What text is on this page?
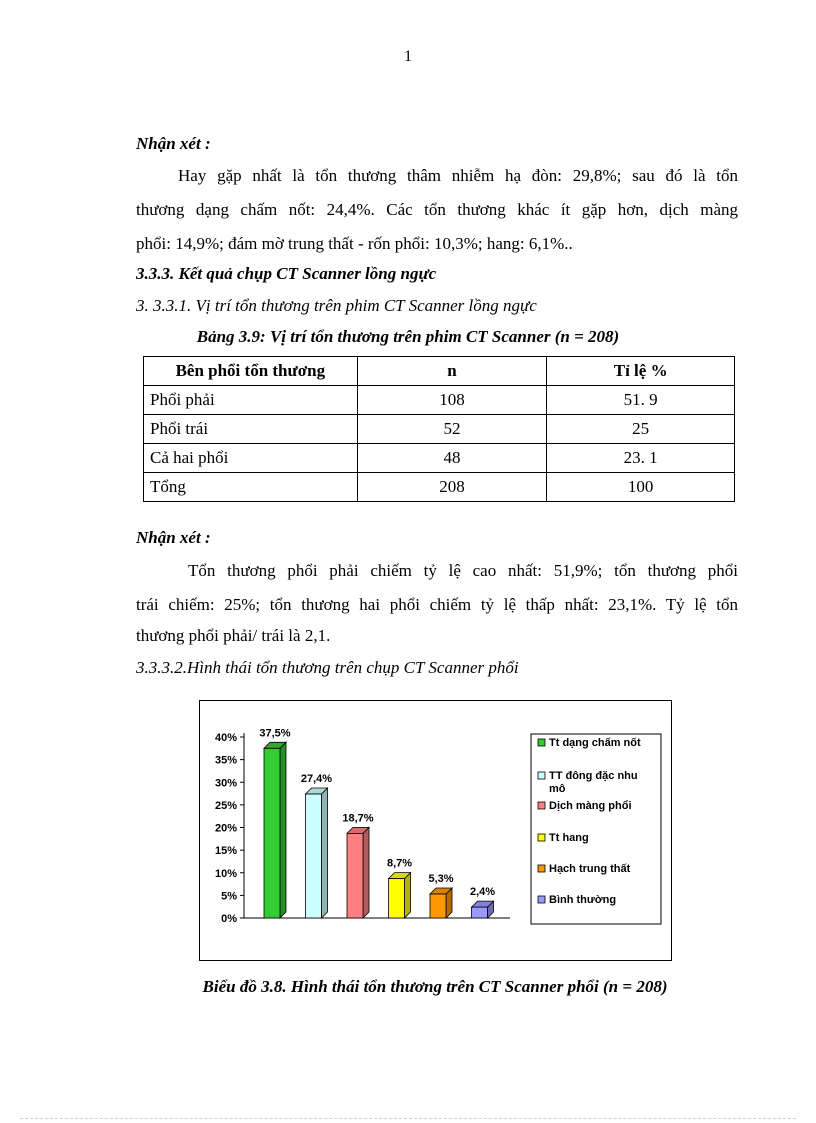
1
Nhận xét :
Hay gặp nhất là tổn thương thâm nhiễm hạ đòn: 29,8%; sau đó là tổn
thương dạng chấm nốt: 24,4%. Các tổn thương khác ít gặp hơn, dịch màng
phổi: 14,9%; đám mờ trung thất - rốn phổi: 10,3%; hang: 6,1%..
3.3.3. Kết quả chụp CT Scanner lồng ngực
3. 3.3.1. Vị trí tổn thương trên phim CT Scanner lồng ngực
Bảng 3.9: Vị trí tổn thương trên phim CT Scanner (n = 208)
Bên phổi tổn thương	n	Tỉ lệ %
Phổi phải	108	51. 9
Phổi trái	52	25
Cả hai phổi	48	23. 1
Tổng	208	100
Nhận xét :
Tổn thương phổi phải chiếm tỷ lệ cao nhất: 51,9%; tổn thương phổi
trái chiếm: 25%; tổn thương hai phổi chiếm tỷ lệ thấp nhất: 23,1%. Tỷ lệ tổn
thương phổi phải/ trái là 2,1.
3.3.3.2.Hình thái tổn thương trên chụp CT Scanner phổi
0%
5%
10%
15%
20%
25%
30%
35%
40% 37,5%
27,4%
18,7%
8,7%
5,3%
2,4%
Tt dạng chấm nốt
TT đông đặc nhu mô
Dịch màng phổi
Tt hang
Hạch trung thất
Bình thường
Biểu đồ 3.8. Hình thái tổn thương trên CT Scanner phổi (n = 208)
